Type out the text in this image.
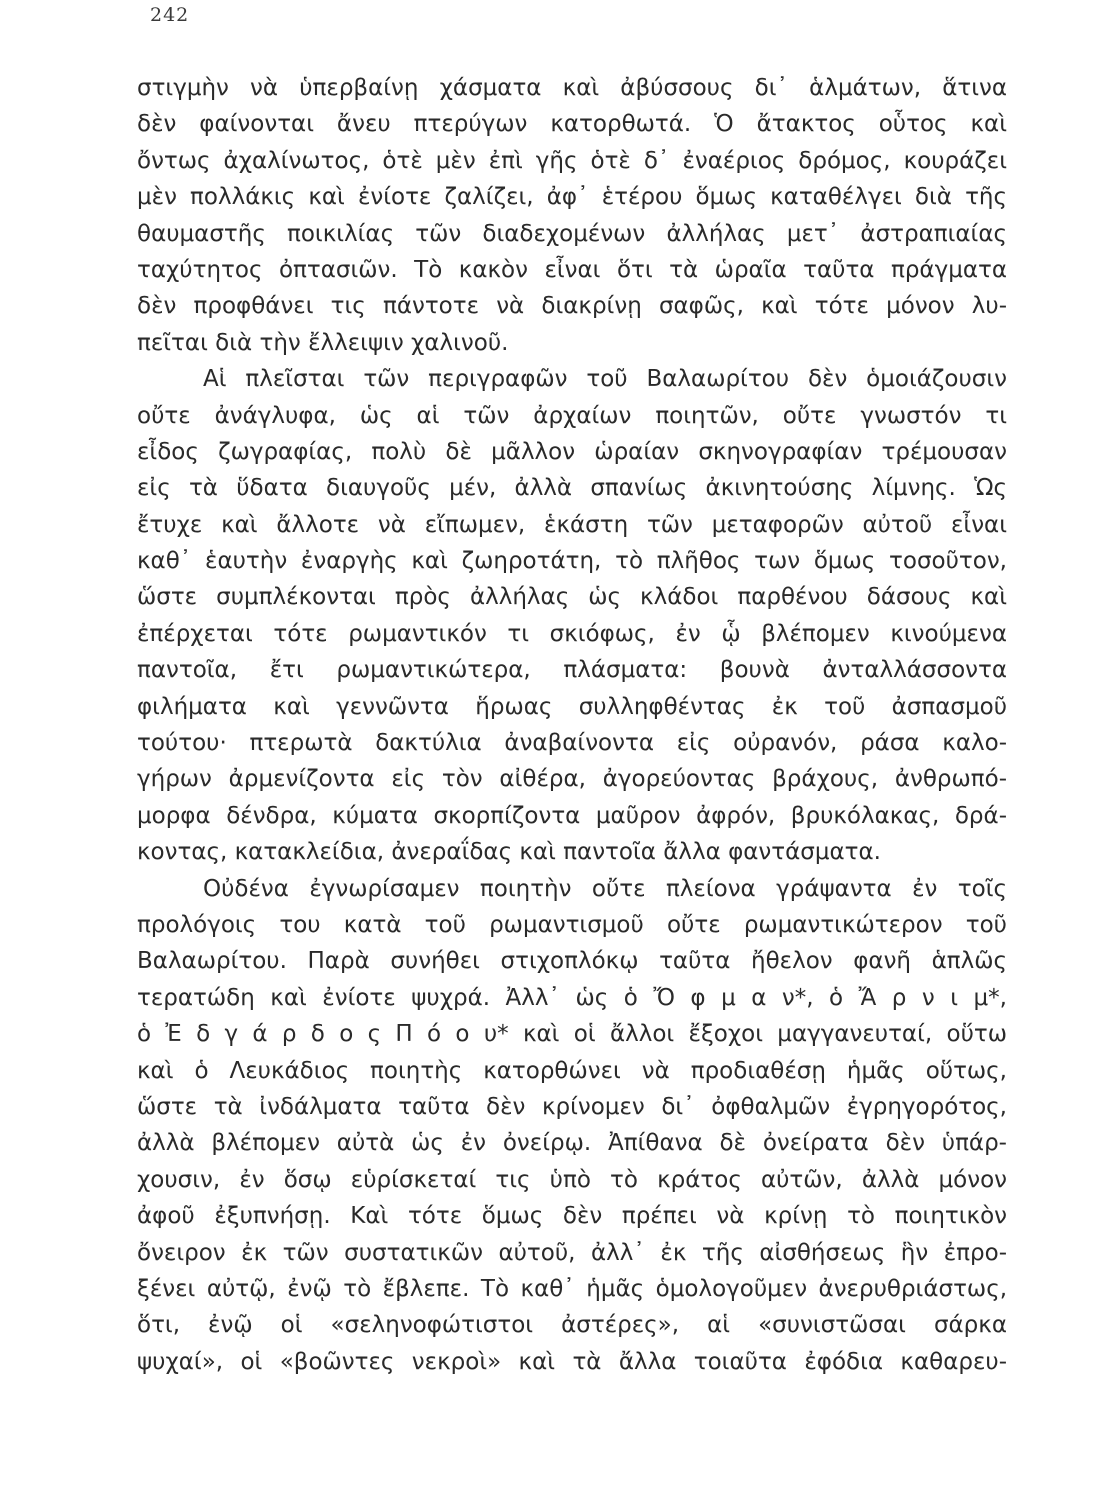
242
στιγμὴν νὰ ὑπερβαίνῃ χάσματα καὶ ἀβύσσους δι᾽ ἁλμάτων, ἅτινα
δὲν φαίνονται ἄνευ πτερύγων κατορθωτά. Ὁ ἄτακτος οὗτος καὶ
ὄντως ἀχαλίνωτος, ὁτὲ μὲν ἐπὶ γῆς ὁτὲ δ᾽ ἐναέριος δρόμος, κουράζει
μὲν πολλάκις καὶ ἐνίοτε ζαλίζει, ἀφ᾽ ἑτέρου ὅμως καταθέλγει διὰ τῆς
θαυμαστῆς ποικιλίας τῶν διαδεχομένων ἀλλήλας μετ᾽ ἀστραπιαίας
ταχύτητος ὀπτασιῶν. Τὸ κακὸν εἶναι ὅτι τὰ ὡραῖα ταῦτα πράγματα
δὲν προφθάνει τις πάντοτε νὰ διακρίνῃ σαφῶς, καὶ τότε μόνον λυ-
πεῖται διὰ τὴν ἔλλειψιν χαλινοῦ.
Αἱ πλεῖσται τῶν περιγραφῶν τοῦ Βαλαωρίτου δὲν ὁμοιάζουσιν
οὔτε ἀνάγλυφα, ὡς αἱ τῶν ἀρχαίων ποιητῶν, οὔτε γνωστόν τι
εἶδος ζωγραφίας, πολὺ δὲ μᾶλλον ὡραίαν σκηνογραφίαν τρέμουσαν
εἰς τὰ ὕδατα διαυγοῦς μέν, ἀλλὰ σπανίως ἀκινητούσης λίμνης. Ὡς
ἔτυχε καὶ ἄλλοτε νὰ εἴπωμεν, ἑκάστη τῶν μεταφορῶν αὐτοῦ εἶναι
καθ᾽ ἑαυτὴν ἐναργὴς καὶ ζωηροτάτη, τὸ πλῆθος των ὅμως τοσοῦτον,
ὥστε συμπλέκονται πρὸς ἀλλήλας ὡς κλάδοι παρθένου δάσους καὶ
ἐπέρχεται τότε ρωμαντικόν τι σκιόφως, ἐν ᾧ βλέπομεν κινούμενα
παντοῖα, ἔτι ρωμαντικώτερα, πλάσματα: βουνὰ ἀνταλλάσσοντα
φιλήματα καὶ γεννῶντα ἥρωας συλληφθέντας ἐκ τοῦ ἀσπασμοῦ
τούτου· πτερωτὰ δακτύλια ἀναβαίνοντα εἰς οὐρανόν, ράσα καλο-
γήρων ἀρμενίζοντα εἰς τὸν αἰθέρα, ἀγορεύοντας βράχους, ἀνθρωπό-
μορφα δένδρα, κύματα σκορπίζοντα μαῦρον ἀφρόν, βρυκόλακας, δρά-
κοντας, κατακλείδια, ἀνεραΐδας καὶ παντοῖα ἄλλα φαντάσματα.
Οὐδένα ἐγνωρίσαμεν ποιητὴν οὔτε πλείονα γράψαντα ἐν τοῖς
προλόγοις του κατὰ τοῦ ρωμαντισμοῦ οὔτε ρωμαντικώτερον τοῦ
Βαλαωρίτου. Παρὰ συνήθει στιχοπλόκῳ ταῦτα ἤθελον φανῆ ἁπλῶς
τερατώδη καὶ ἐνίοτε ψυχρά. Ἀλλ᾽ ὡς ὁ Ὄ φ μ α ν*, ὁ Ἄ ρ ν ι μ*,
ὁ Ἐ δ γ ά ρ δ ο ς Π ό ο υ* καὶ οἱ ἄλλοι ἔξοχοι μαγγανευταί, οὕτω
καὶ ὁ Λευκάδιος ποιητὴς κατορθώνει νὰ προδιαθέσῃ ἡμᾶς οὕτως,
ὥστε τὰ ἰνδάλματα ταῦτα δὲν κρίνομεν δι᾽ ὀφθαλμῶν ἐγρηγορότος,
ἀλλὰ βλέπομεν αὐτὰ ὡς ἐν ὀνείρῳ. Ἀπίθανα δὲ ὀνείρατα δὲν ὑπάρ-
χουσιν, ἐν ὅσῳ εὑρίσκεταί τις ὑπὸ τὸ κράτος αὐτῶν, ἀλλὰ μόνον
ἀφοῦ ἐξυπνήσῃ. Καὶ τότε ὅμως δὲν πρέπει νὰ κρίνῃ τὸ ποιητικὸν
ὄνειρον ἐκ τῶν συστατικῶν αὐτοῦ, ἀλλ᾽ ἐκ τῆς αἰσθήσεως ἣν ἐπρο-
ξένει αὐτῷ, ἐνῷ τὸ ἔβλεπε. Τὸ καθ᾽ ἡμᾶς ὁμολογοῦμεν ἀνερυθριάστως,
ὅτι, ἐνῷ οἱ «σεληνοφώτιστοι ἀστέρες», αἱ «συνιστῶσαι σάρκα
ψυχαί», οἱ «βοῶντες νεκροὶ» καὶ τὰ ἄλλα τοιαῦτα ἐφόδια καθαρευ-
